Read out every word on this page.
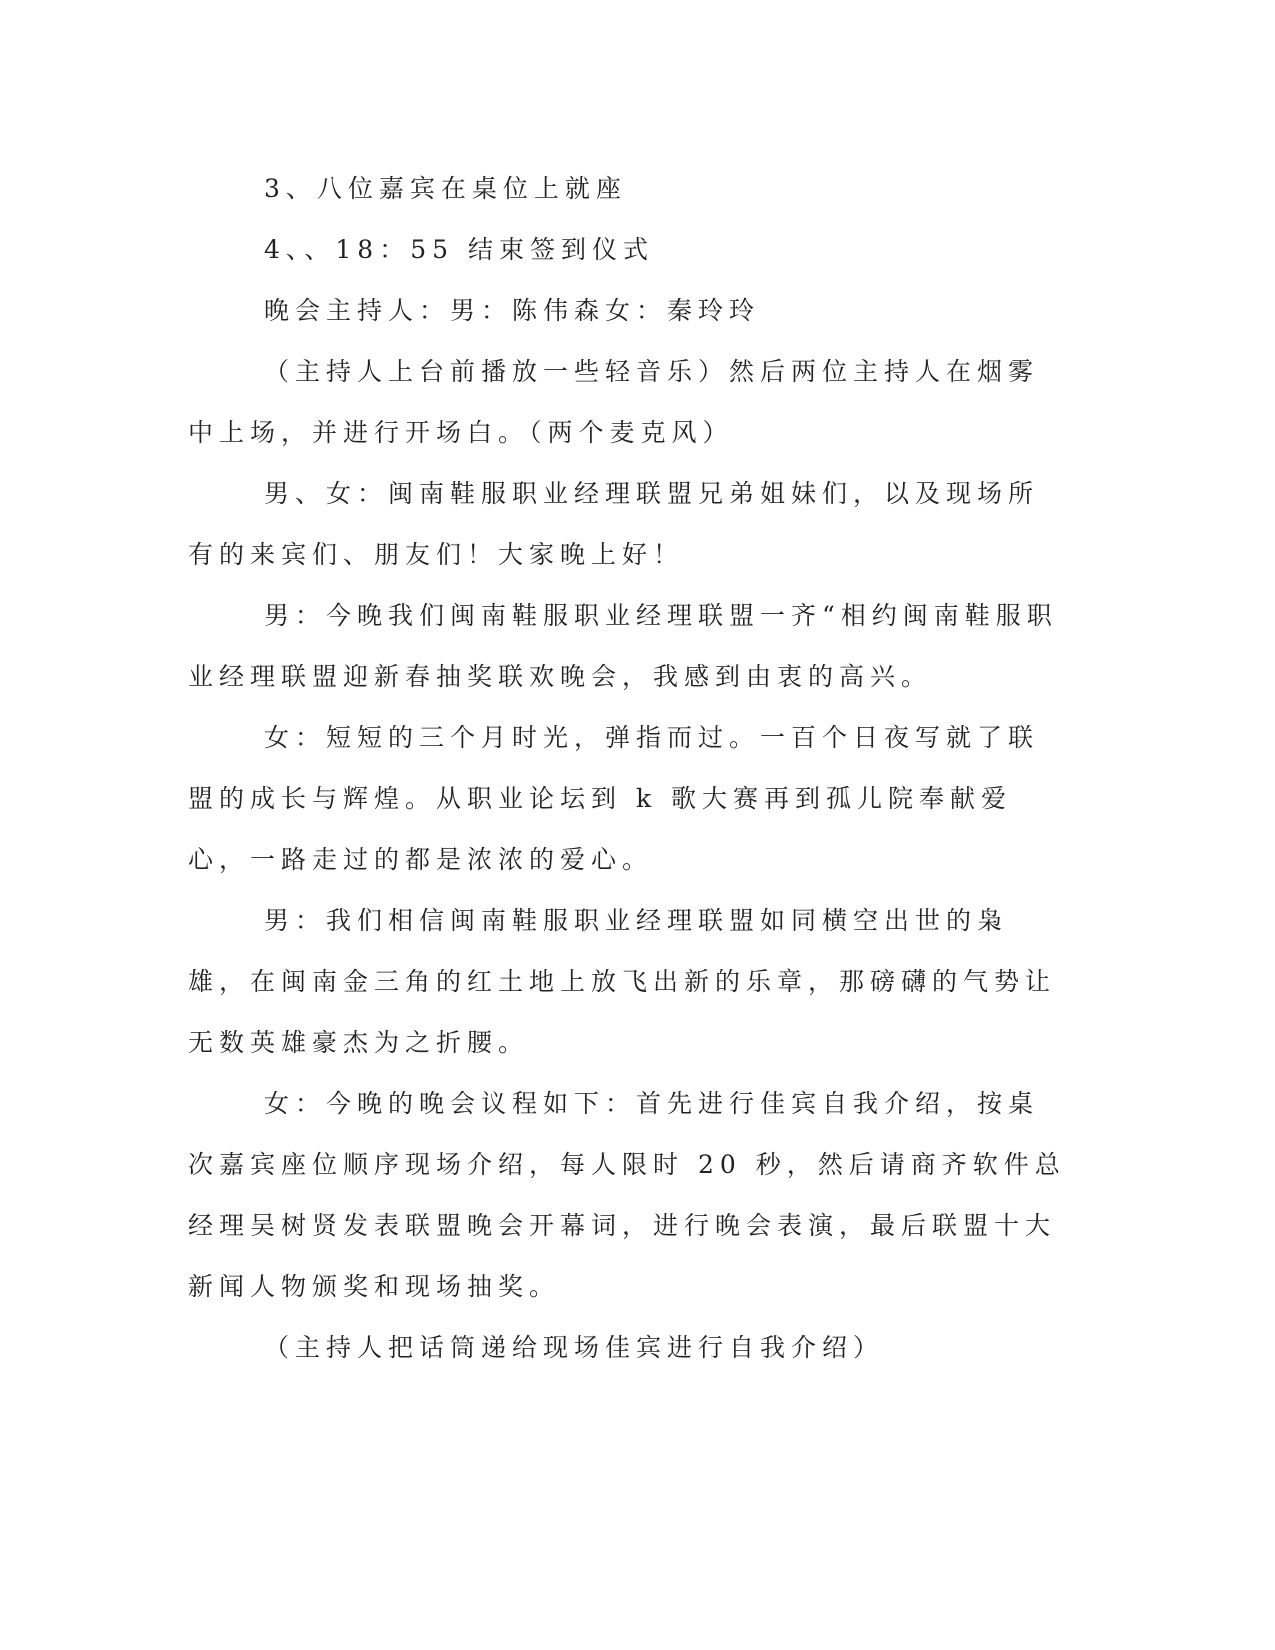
3、八位嘉宾在桌位上就座

4、、18：55 结束签到仪式

晚会主持人：男：陈伟森女：秦玲玲

（主持人上台前播放一些轻音乐）然后两位主持人在烟雾中上场，并进行开场白。（两个麦克风）

男、女：闽南鞋服职业经理联盟兄弟姐妹们，以及现场所有的来宾们、朋友们！大家晚上好！

男：今晚我们闽南鞋服职业经理联盟一齐“相约闽南鞋服职业经理联盟迎新春抽奖联欢晚会，我感到由衷的高兴。

女：短短的三个月时光，弹指而过。一百个日夜写就了联盟的成长与辉煌。从职业论坛到 k 歌大赛再到孤儿院奉献爱心，一路走过的都是浓浓的爱心。

男：我们相信闽南鞋服职业经理联盟如同横空出世的枭雄，在闽南金三角的红土地上放飞出新的乐章，那磅礴的气势让无数英雄豪杰为之折腰。

女：今晚的晚会议程如下：首先进行佳宾自我介绍，按桌次嘉宾座位顺序现场介绍，每人限时 20 秒，然后请商齐软件总经理吴树贤发表联盟晚会开幕词，进行晚会表演，最后联盟十大新闻人物颁奖和现场抽奖。

（主持人把话筒递给现场佳宾进行自我介绍）
